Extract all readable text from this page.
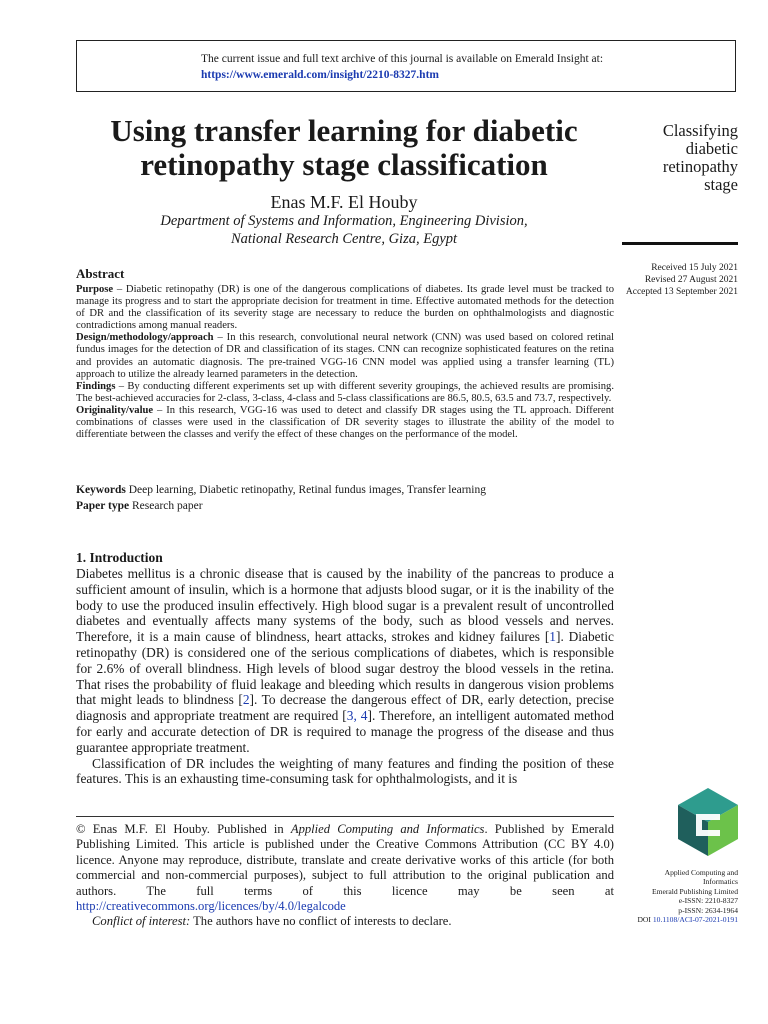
The current issue and full text archive of this journal is available on Emerald Insight at:
https://www.emerald.com/insight/2210-8327.htm
Using transfer learning for diabetic
retinopathy stage classification
Enas M.F. El Houby
Department of Systems and Information, Engineering Division,
National Research Centre, Giza, Egypt
Classifying
diabetic
retinopathy
stage
Received 15 July 2021
Revised 27 August 2021
Accepted 13 September 2021
Abstract

Purpose – Diabetic retinopathy (DR) is one of the dangerous complications of diabetes. Its grade level must be tracked to manage its progress and to start the appropriate decision for treatment in time. Effective automated methods for the detection of DR and the classification of its severity stage are necessary to reduce the burden on ophthalmologists and diagnostic contradictions among manual readers.

Design/methodology/approach – In this research, convolutional neural network (CNN) was used based on colored retinal fundus images for the detection of DR and classification of its stages. CNN can recognize sophisticated features on the retina and provides an automatic diagnosis. The pre-trained VGG-16 CNN model was applied using a transfer learning (TL) approach to utilize the already learned parameters in the detection.

Findings – By conducting different experiments set up with different severity groupings, the achieved results are promising. The best-achieved accuracies for 2-class, 3-class, 4-class and 5-class classifications are 86.5, 80.5, 63.5 and 73.7, respectively.

Originality/value – In this research, VGG-16 was used to detect and classify DR stages using the TL approach. Different combinations of classes were used in the classification of DR severity stages to illustrate the ability of the model to differentiate between the classes and verify the effect of these changes on the performance of the model.

Keywords Deep learning, Diabetic retinopathy, Retinal fundus images, Transfer learning

Paper type Research paper

1. Introduction

Diabetes mellitus is a chronic disease that is caused by the inability of the pancreas to produce a sufficient amount of insulin, which is a hormone that adjusts blood sugar, or it is the inability of the body to use the produced insulin effectively. High blood sugar is a prevalent result of uncontrolled diabetes and eventually affects many systems of the body, such as blood vessels and nerves. Therefore, it is a main cause of blindness, heart attacks, strokes and kidney failures [1]. Diabetic retinopathy (DR) is considered one of the serious complications of diabetes, which is responsible for 2.6% of overall blindness. High levels of blood sugar destroy the blood vessels in the retina. That rises the probability of fluid leakage and bleeding which results in dangerous vision problems that might leads to blindness [2]. To decrease the dangerous effect of DR, early detection, precise diagnosis and appropriate treatment are required [3, 4]. Therefore, an intelligent automated method for early and accurate detection of DR is required to manage the progress of the disease and thus guarantee appropriate treatment.

Classification of DR includes the weighting of many features and finding the position of these features. This is an exhausting time-consuming task for ophthalmologists, and it is

© Enas M.F. El Houby. Published in Applied Computing and Informatics. Published by Emerald Publishing Limited. This article is published under the Creative Commons Attribution (CC BY 4.0) licence. Anyone may reproduce, distribute, translate and create derivative works of this article (for both commercial and non-commercial purposes), subject to full attribution to the original publication and authors. The full terms of this licence may be seen at http://creativecommons.org/licences/by/4.0/legalcode

Conflict of interest: The authors have no conflict of interests to declare.

Applied Computing and
Informatics
Emerald Publishing Limited
e-ISSN: 2210-8327
p-ISSN: 2634-1964
DOI 10.1108/ACI-07-2021-0191
